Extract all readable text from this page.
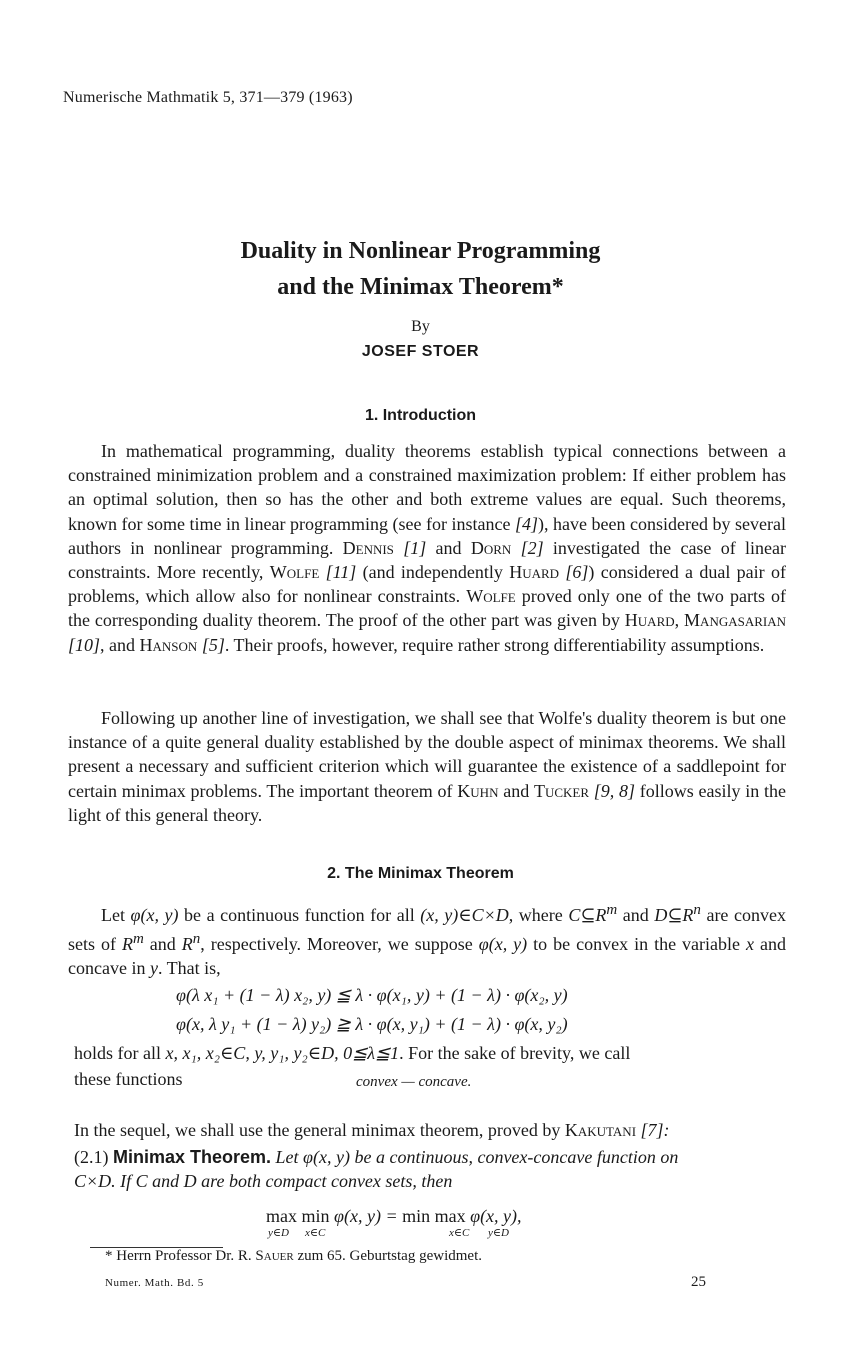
Numerische Mathmatik 5, 371—379 (1963)
Duality in Nonlinear Programming
and the Minimax Theorem*
By
JOSEF STOER
1. Introduction

In mathematical programming, duality theorems establish typical connections between a constrained minimization problem and a constrained maximization problem: If either problem has an optimal solution, then so has the other and both extreme values are equal. Such theorems, known for some time in linear programming (see for instance [4]), have been considered by several authors in nonlinear programming. Dennis [1] and Dorn [2] investigated the case of linear constraints. More recently, Wolfe [11] (and independently Huard [6]) considered a dual pair of problems, which allow also for nonlinear constraints. Wolfe proved only one of the two parts of the corresponding duality theorem. The proof of the other part was given by Huard, Mangasarian [10], and Hanson [5]. Their proofs, however, require rather strong differentiability assumptions.

Following up another line of investigation, we shall see that Wolfe's duality theorem is but one instance of a quite general duality established by the double aspect of minimax theorems. We shall present a necessary and sufficient criterion which will guarantee the existence of a saddlepoint for certain minimax problems. The important theorem of Kuhn and Tucker [9, 8] follows easily in the light of this general theory.

2. The Minimax Theorem

Let φ(x, y) be a continuous function for all (x, y)∈C×D, where $C⊆R^m$ and $D⊆R^n$ are convex sets of $R^m$ and $R^n$, respectively. Moreover, we suppose φ(x, y) to be convex in the variable x and concave in y. That is,

φ(λ x₁ + (1 − λ) x₂, y) ≦ λ · φ(x₁, y) + (1 − λ) · φ(x₂, y)
φ(x, λ y₁ + (1 − λ) y₂) ≧ λ · φ(x, y₁) + (1 − λ) · φ(x, y₂)
holds for all x, x₁, x₂∈C, y, y₁, y₂∈D, 0≦λ≦1. For the sake of brevity, we call
these functions	convex — concave.
In the sequel, we shall use the general minimax theorem, proved by Kakutani [7]:
(2.1) Minimax Theorem. Let φ(x, y) be a continuous, convex-concave function on
C×D. If C and D are both compact convex sets, then
max min φ(x, y) = min max φ(x, y),
y∈D x∈C	x∈C y∈D
* Herrn Professor Dr. R. Sauer zum 65. Geburtstag gewidmet.
Numer. Math. Bd. 5	25
